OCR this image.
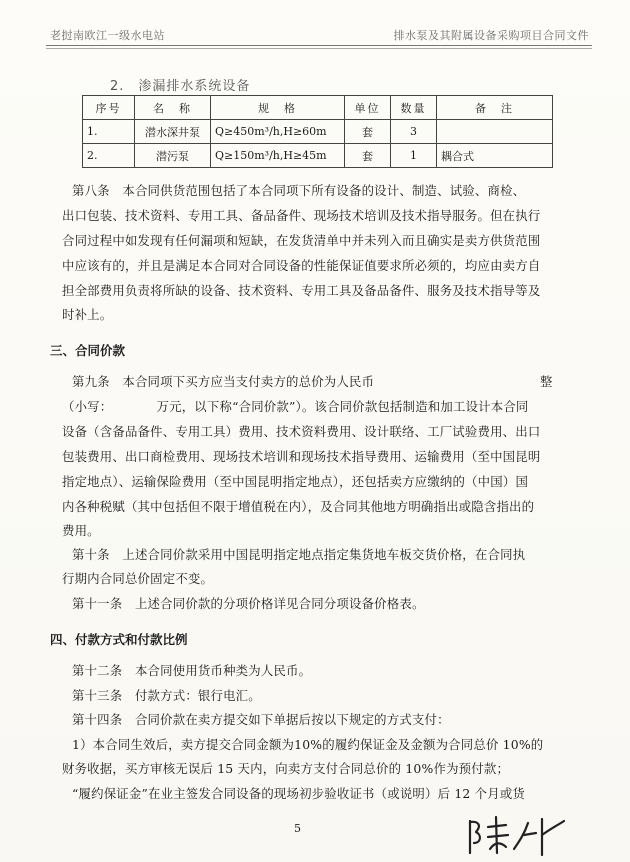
老挝南欧江一级水电站	排水泵及其附属设备采购项目合同文件
2.　渗漏排水系统设备
序号	名　称	规　格	单位	数量	备　注
1.	潜水深井泵	Q≥450m³/h,H≥60m	套	3	
2.	潜污泵	Q≥150m³/h,H≥45m	套	1	耦合式
第八条　本合同供货范围包括了本合同项下所有设备的设计、制造、试验、商检、
出口包装、技术资料、专用工具、备品备件、现场技术培训及技术指导服务。但在执行
合同过程中如发现有任何漏项和短缺，在发货清单中并未列入而且确实是卖方供货范围
中应该有的，并且是满足本合同对合同设备的性能保证值要求所必须的，均应由卖方自
担全部费用负责将所缺的设备、技术资料、专用工具及备品备件、服务及技术指导等及
时补上。
三、合同价款
第九条　本合同项下买方应当支付卖方的总价为人民币	整
（小写：　　　　万元，以下称“合同价款”）。该合同价款包括制造和加工设计本合同
设备（含备品备件、专用工具）费用、技术资料费用、设计联络、工厂试验费用、出口
包装费用、出口商检费用、现场技术培训和现场技术指导费用、运输费用（至中国昆明
指定地点）、运输保险费用（至中国昆明指定地点），还包括卖方应缴纳的（中国）国
内各种税赋（其中包括但不限于增值税在内），及合同其他地方明确指出或隐含指出的
费用。
第十条　上述合同价款采用中国昆明指定地点指定集货地车板交货价格，在合同执
行期内合同总价固定不变。
第十一条　上述合同价款的分项价格详见合同分项设备价格表。
四、付款方式和付款比例
第十二条　本合同使用货币种类为人民币。
第十三条　付款方式：银行电汇。
第十四条　合同价款在卖方提交如下单据后按以下规定的方式支付：
1）本合同生效后，卖方提交合同金额为10%的履约保证金及金额为合同总价 10%的
财务收据，买方审核无误后 15 天内，向卖方支付合同总价的 10%作为预付款；
“履约保证金”在业主签发合同设备的现场初步验收证书（或说明）后 12 个月或货
5
